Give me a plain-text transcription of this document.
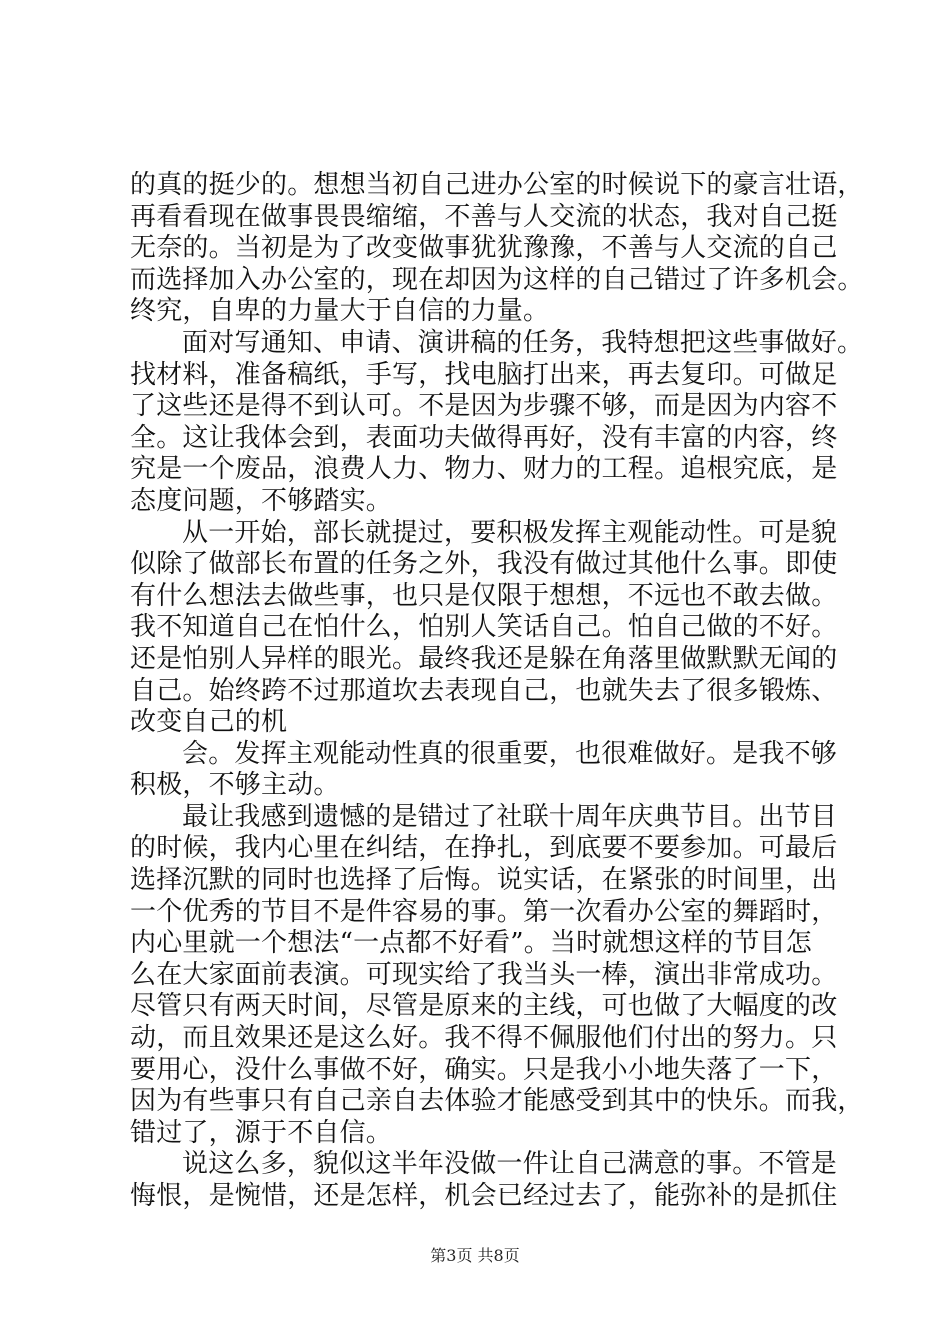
的真的挺少的。想想当初自己进办公室的时候说下的豪言壮语，
再看看现在做事畏畏缩缩，不善与人交流的状态，我对自己挺
无奈的。当初是为了改变做事犹犹豫豫，不善与人交流的自己
而选择加入办公室的，现在却因为这样的自己错过了许多机会。
终究，自卑的力量大于自信的力量。
面对写通知、申请、演讲稿的任务，我特想把这些事做好。
找材料，准备稿纸，手写，找电脑打出来，再去复印。可做足
了这些还是得不到认可。不是因为步骤不够，而是因为内容不
全。这让我体会到，表面功夫做得再好，没有丰富的内容，终
究是一个废品，浪费人力、物力、财力的工程。追根究底，是
态度问题，不够踏实。
从一开始，部长就提过，要积极发挥主观能动性。可是貌
似除了做部长布置的任务之外，我没有做过其他什么事。即使
有什么想法去做些事，也只是仅限于想想，不远也不敢去做。
我不知道自己在怕什么，怕别人笑话自己。怕自己做的不好。
还是怕别人异样的眼光。最终我还是躲在角落里做默默无闻的
自己。始终跨不过那道坎去表现自己，也就失去了很多锻炼、
改变自己的机
会。发挥主观能动性真的很重要，也很难做好。是我不够
积极，不够主动。
最让我感到遗憾的是错过了社联十周年庆典节目。出节目
的时候，我内心里在纠结，在挣扎，到底要不要参加。可最后
选择沉默的同时也选择了后悔。说实话，在紧张的时间里，出
一个优秀的节目不是件容易的事。第一次看办公室的舞蹈时，
内心里就一个想法“一点都不好看”。当时就想这样的节目怎
么在大家面前表演。可现实给了我当头一棒，演出非常成功。
尽管只有两天时间，尽管是原来的主线，可也做了大幅度的改
动，而且效果还是这么好。我不得不佩服他们付出的努力。只
要用心，没什么事做不好，确实。只是我小小地失落了一下，
因为有些事只有自己亲自去体验才能感受到其中的快乐。而我，
错过了，源于不自信。
说这么多，貌似这半年没做一件让自己满意的事。不管是
悔恨，是惋惜，还是怎样，机会已经过去了，能弥补的是抓住
第3页 共8页
